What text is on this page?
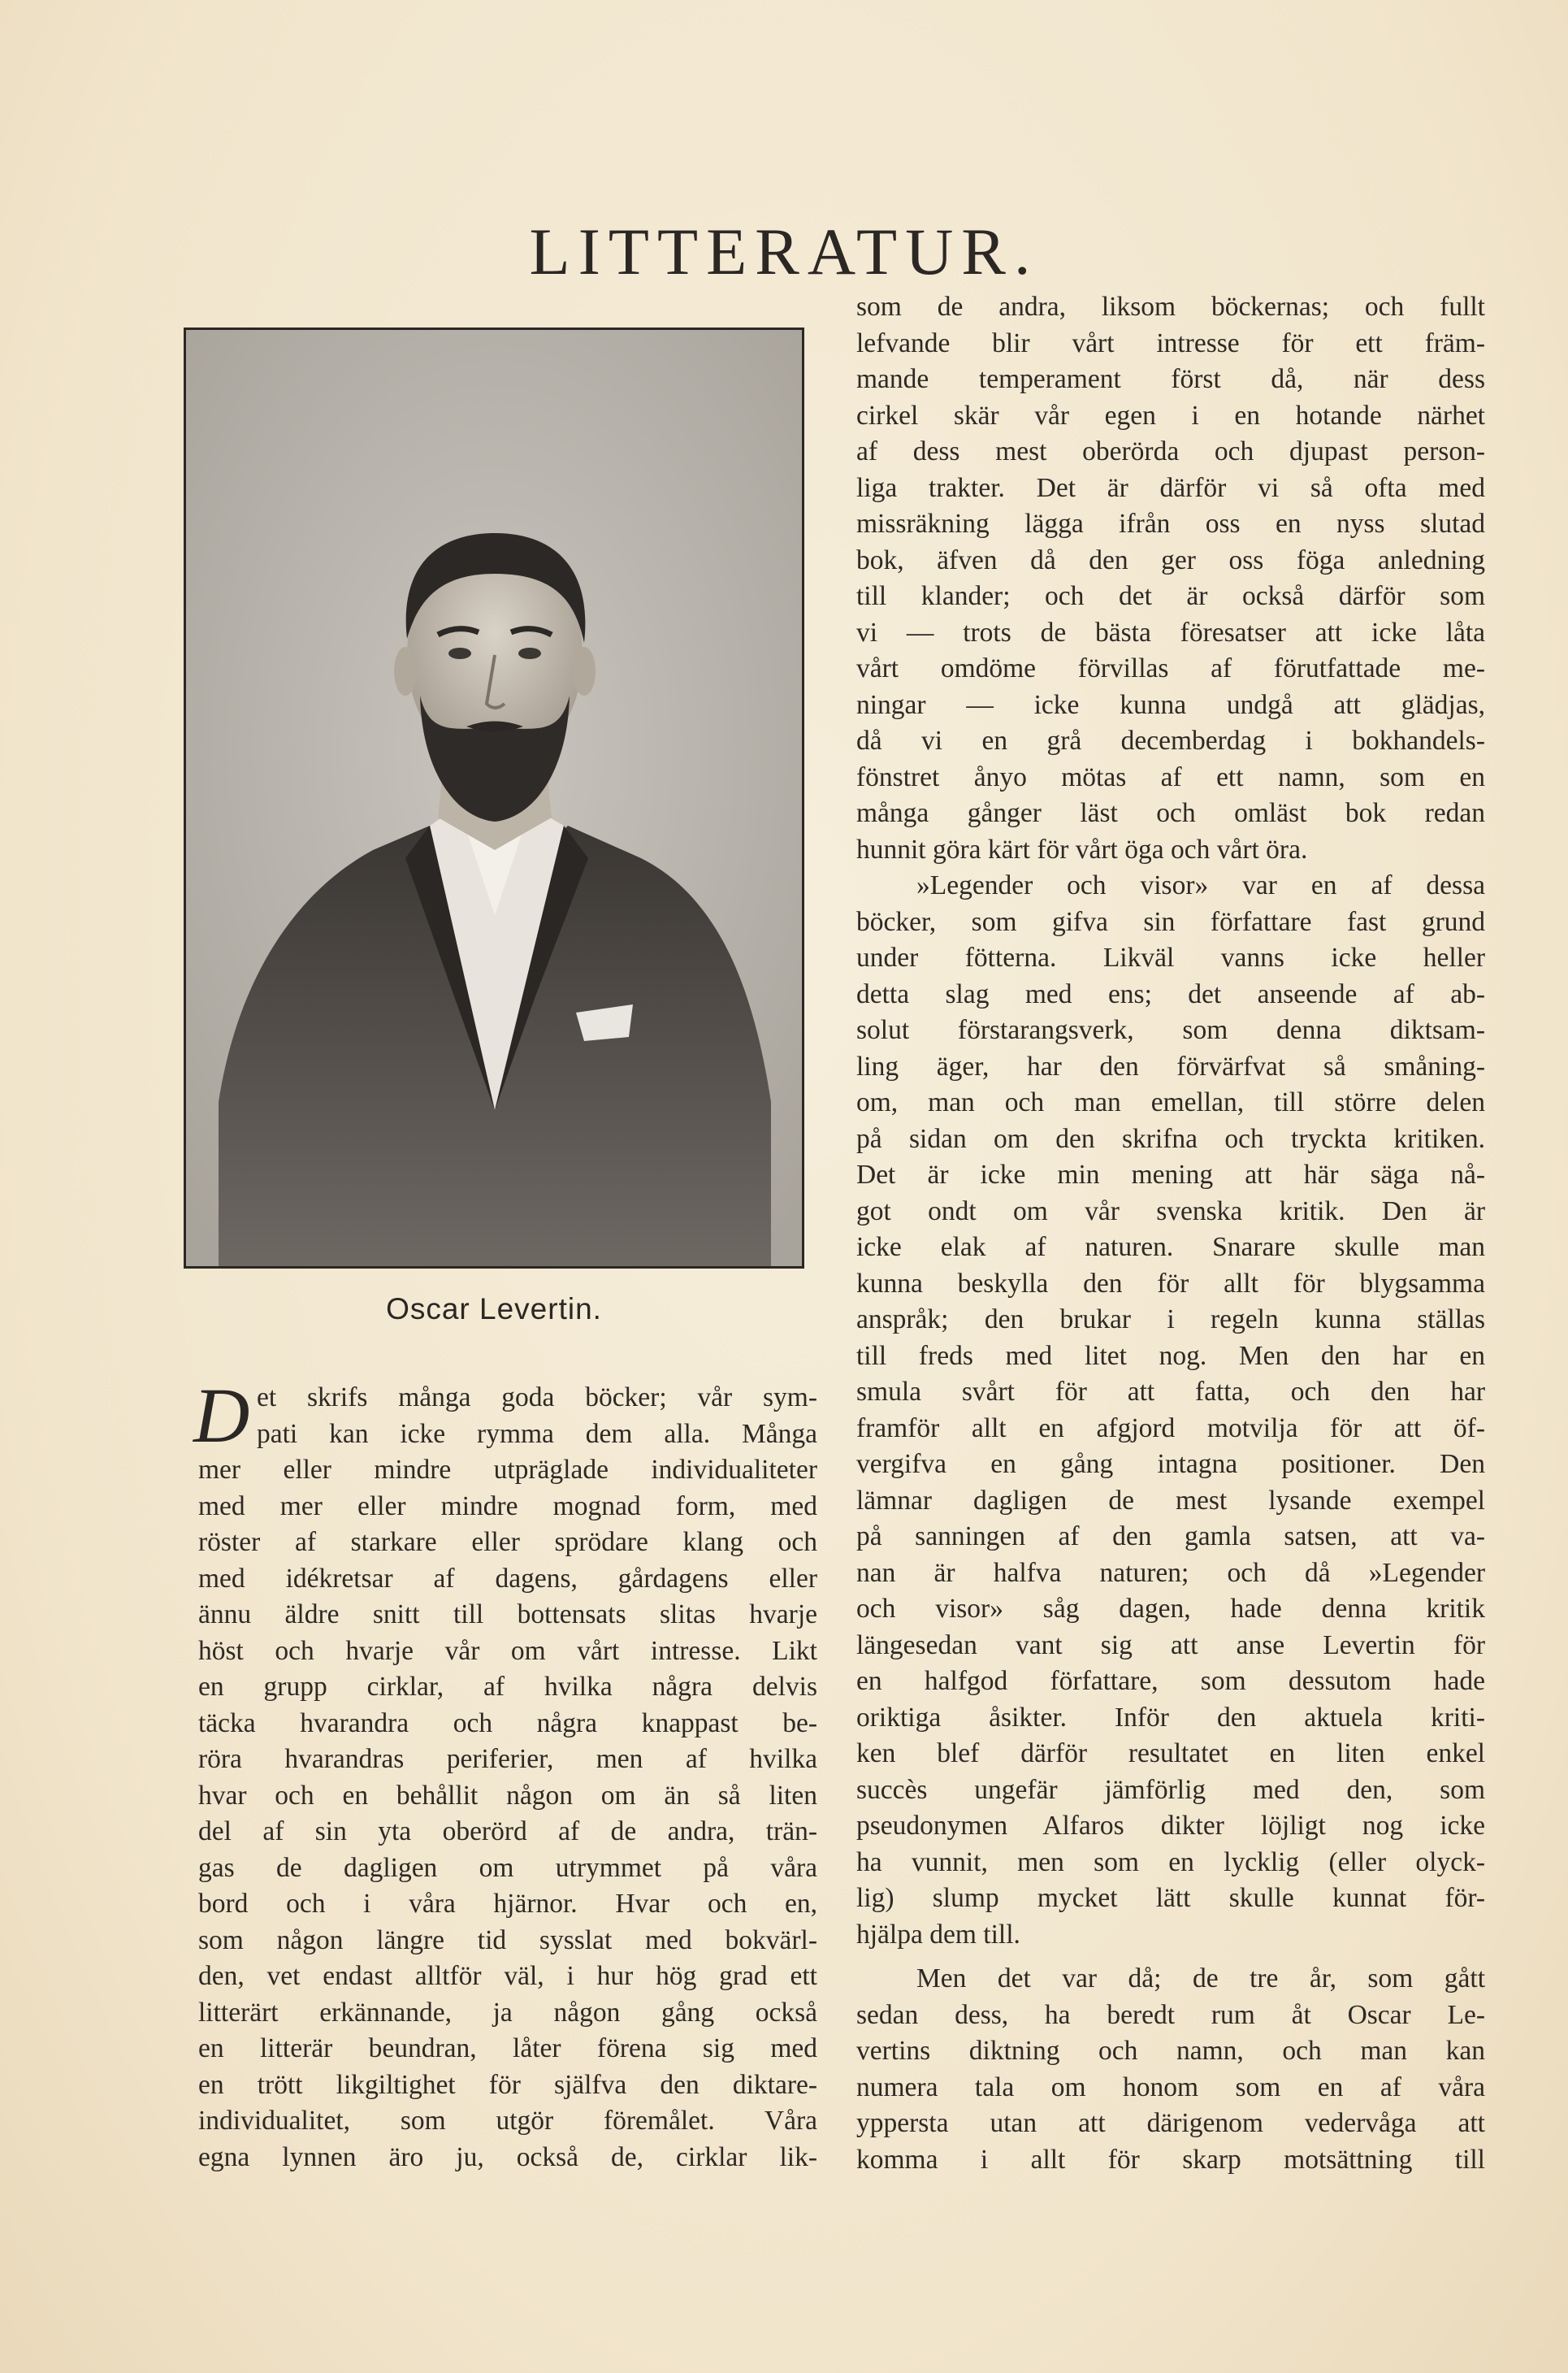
LITTERATUR.
Oscar Levertin.
D et skrifs många goda böcker; vår sym-
pati kan icke rymma dem alla. Många
mer eller mindre utpräglade individualiteter
med mer eller mindre mognad form, med
röster af starkare eller sprödare klang och
med idékretsar af dagens, gårdagens eller
ännu äldre snitt till bottensats slitas hvarje
höst och hvarje vår om vårt intresse. Likt
en grupp cirklar, af hvilka några delvis
täcka hvarandra och några knappast be-
röra hvarandras periferier, men af hvilka
hvar och en behållit någon om än så liten
del af sin yta oberörd af de andra, trän-
gas de dagligen om utrymmet på våra
bord och i våra hjärnor. Hvar och en,
som någon längre tid sysslat med bokvärl-
den, vet endast alltför väl, i hur hög grad ett
litterärt erkännande, ja någon gång också
en litterär beundran, låter förena sig med
en trött likgiltighet för själfva den diktare-
individualitet, som utgör föremålet. Våra
egna lynnen äro ju, också de, cirklar lik-
som de andra, liksom böckernas; och fullt
lefvande blir vårt intresse för ett främ-
mande temperament först då, när dess
cirkel skär vår egen i en hotande närhet
af dess mest oberörda och djupast person-
liga trakter. Det är därför vi så ofta med
missräkning lägga ifrån oss en nyss slutad
bok, äfven då den ger oss föga anledning
till klander; och det är också därför som
vi — trots de bästa föresatser att icke låta
vårt omdöme förvillas af förutfattade me-
ningar — icke kunna undgå att glädjas,
då vi en grå decemberdag i bokhandels-
fönstret ånyo mötas af ett namn, som en
många gånger läst och omläst bok redan
hunnit göra kärt för vårt öga och vårt öra.
»Legender och visor» var en af dessa
böcker, som gifva sin författare fast grund
under fötterna. Likväl vanns icke heller
detta slag med ens; det anseende af ab-
solut förstarangsverk, som denna diktsam-
ling äger, har den förvärfvat så småning-
om, man och man emellan, till större delen
på sidan om den skrifna och tryckta kritiken.
Det är icke min mening att här säga nå-
got ondt om vår svenska kritik. Den är
icke elak af naturen. Snarare skulle man
kunna beskylla den för allt för blygsamma
anspråk; den brukar i regeln kunna ställas
till freds med litet nog. Men den har en
smula svårt för att fatta, och den har
framför allt en afgjord motvilja för att öf-
vergifva en gång intagna positioner. Den
lämnar dagligen de mest lysande exempel
på sanningen af den gamla satsen, att va-
nan är halfva naturen; och då »Legender
och visor» såg dagen, hade denna kritik
längesedan vant sig att anse Levertin för
en halfgod författare, som dessutom hade
oriktiga åsikter. Inför den aktuela kriti-
ken blef därför resultatet en liten enkel
succès ungefär jämförlig med den, som
pseudonymen Alfaros dikter löjligt nog icke
ha vunnit, men som en lycklig (eller olyck-
lig) slump mycket lätt skulle kunnat för-
hjälpa dem till.
Men det var då; de tre år, som gått
sedan dess, ha beredt rum åt Oscar Le-
vertins diktning och namn, och man kan
numera tala om honom som en af våra
yppersta utan att därigenom vedervåga att
komma i allt för skarp motsättning till
